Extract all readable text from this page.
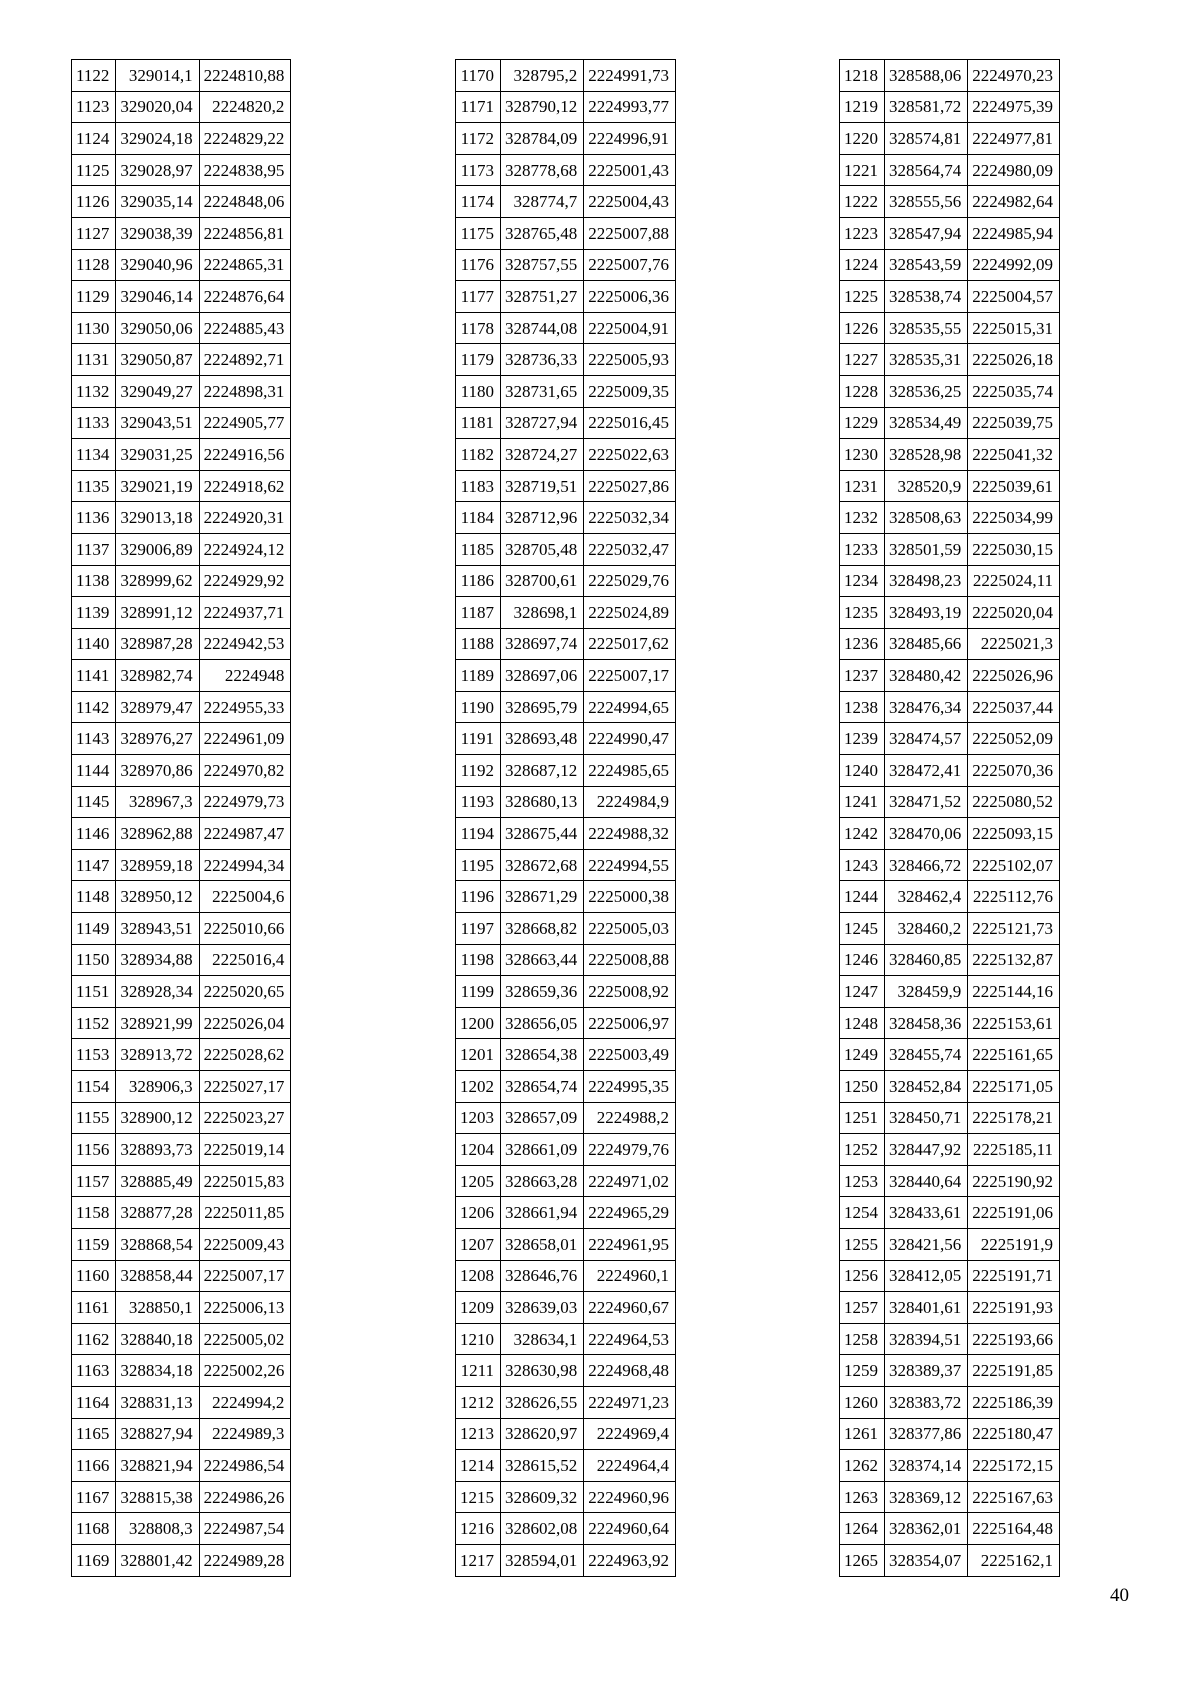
1122	329014,1	2224810,88
1123	329020,04	2224820,2
1124	329024,18	2224829,22
1125	329028,97	2224838,95
1126	329035,14	2224848,06
1127	329038,39	2224856,81
1128	329040,96	2224865,31
1129	329046,14	2224876,64
1130	329050,06	2224885,43
1131	329050,87	2224892,71
1132	329049,27	2224898,31
1133	329043,51	2224905,77
1134	329031,25	2224916,56
1135	329021,19	2224918,62
1136	329013,18	2224920,31
1137	329006,89	2224924,12
1138	328999,62	2224929,92
1139	328991,12	2224937,71
1140	328987,28	2224942,53
1141	328982,74	2224948
1142	328979,47	2224955,33
1143	328976,27	2224961,09
1144	328970,86	2224970,82
1145	328967,3	2224979,73
1146	328962,88	2224987,47
1147	328959,18	2224994,34
1148	328950,12	2225004,6
1149	328943,51	2225010,66
1150	328934,88	2225016,4
1151	328928,34	2225020,65
1152	328921,99	2225026,04
1153	328913,72	2225028,62
1154	328906,3	2225027,17
1155	328900,12	2225023,27
1156	328893,73	2225019,14
1157	328885,49	2225015,83
1158	328877,28	2225011,85
1159	328868,54	2225009,43
1160	328858,44	2225007,17
1161	328850,1	2225006,13
1162	328840,18	2225005,02
1163	328834,18	2225002,26
1164	328831,13	2224994,2
1165	328827,94	2224989,3
1166	328821,94	2224986,54
1167	328815,38	2224986,26
1168	328808,3	2224987,54
1169	328801,42	2224989,28
1170	328795,2	2224991,73
1171	328790,12	2224993,77
1172	328784,09	2224996,91
1173	328778,68	2225001,43
1174	328774,7	2225004,43
1175	328765,48	2225007,88
1176	328757,55	2225007,76
1177	328751,27	2225006,36
1178	328744,08	2225004,91
1179	328736,33	2225005,93
1180	328731,65	2225009,35
1181	328727,94	2225016,45
1182	328724,27	2225022,63
1183	328719,51	2225027,86
1184	328712,96	2225032,34
1185	328705,48	2225032,47
1186	328700,61	2225029,76
1187	328698,1	2225024,89
1188	328697,74	2225017,62
1189	328697,06	2225007,17
1190	328695,79	2224994,65
1191	328693,48	2224990,47
1192	328687,12	2224985,65
1193	328680,13	2224984,9
1194	328675,44	2224988,32
1195	328672,68	2224994,55
1196	328671,29	2225000,38
1197	328668,82	2225005,03
1198	328663,44	2225008,88
1199	328659,36	2225008,92
1200	328656,05	2225006,97
1201	328654,38	2225003,49
1202	328654,74	2224995,35
1203	328657,09	2224988,2
1204	328661,09	2224979,76
1205	328663,28	2224971,02
1206	328661,94	2224965,29
1207	328658,01	2224961,95
1208	328646,76	2224960,1
1209	328639,03	2224960,67
1210	328634,1	2224964,53
1211	328630,98	2224968,48
1212	328626,55	2224971,23
1213	328620,97	2224969,4
1214	328615,52	2224964,4
1215	328609,32	2224960,96
1216	328602,08	2224960,64
1217	328594,01	2224963,92
1218	328588,06	2224970,23
1219	328581,72	2224975,39
1220	328574,81	2224977,81
1221	328564,74	2224980,09
1222	328555,56	2224982,64
1223	328547,94	2224985,94
1224	328543,59	2224992,09
1225	328538,74	2225004,57
1226	328535,55	2225015,31
1227	328535,31	2225026,18
1228	328536,25	2225035,74
1229	328534,49	2225039,75
1230	328528,98	2225041,32
1231	328520,9	2225039,61
1232	328508,63	2225034,99
1233	328501,59	2225030,15
1234	328498,23	2225024,11
1235	328493,19	2225020,04
1236	328485,66	2225021,3
1237	328480,42	2225026,96
1238	328476,34	2225037,44
1239	328474,57	2225052,09
1240	328472,41	2225070,36
1241	328471,52	2225080,52
1242	328470,06	2225093,15
1243	328466,72	2225102,07
1244	328462,4	2225112,76
1245	328460,2	2225121,73
1246	328460,85	2225132,87
1247	328459,9	2225144,16
1248	328458,36	2225153,61
1249	328455,74	2225161,65
1250	328452,84	2225171,05
1251	328450,71	2225178,21
1252	328447,92	2225185,11
1253	328440,64	2225190,92
1254	328433,61	2225191,06
1255	328421,56	2225191,9
1256	328412,05	2225191,71
1257	328401,61	2225191,93
1258	328394,51	2225193,66
1259	328389,37	2225191,85
1260	328383,72	2225186,39
1261	328377,86	2225180,47
1262	328374,14	2225172,15
1263	328369,12	2225167,63
1264	328362,01	2225164,48
1265	328354,07	2225162,1
40
